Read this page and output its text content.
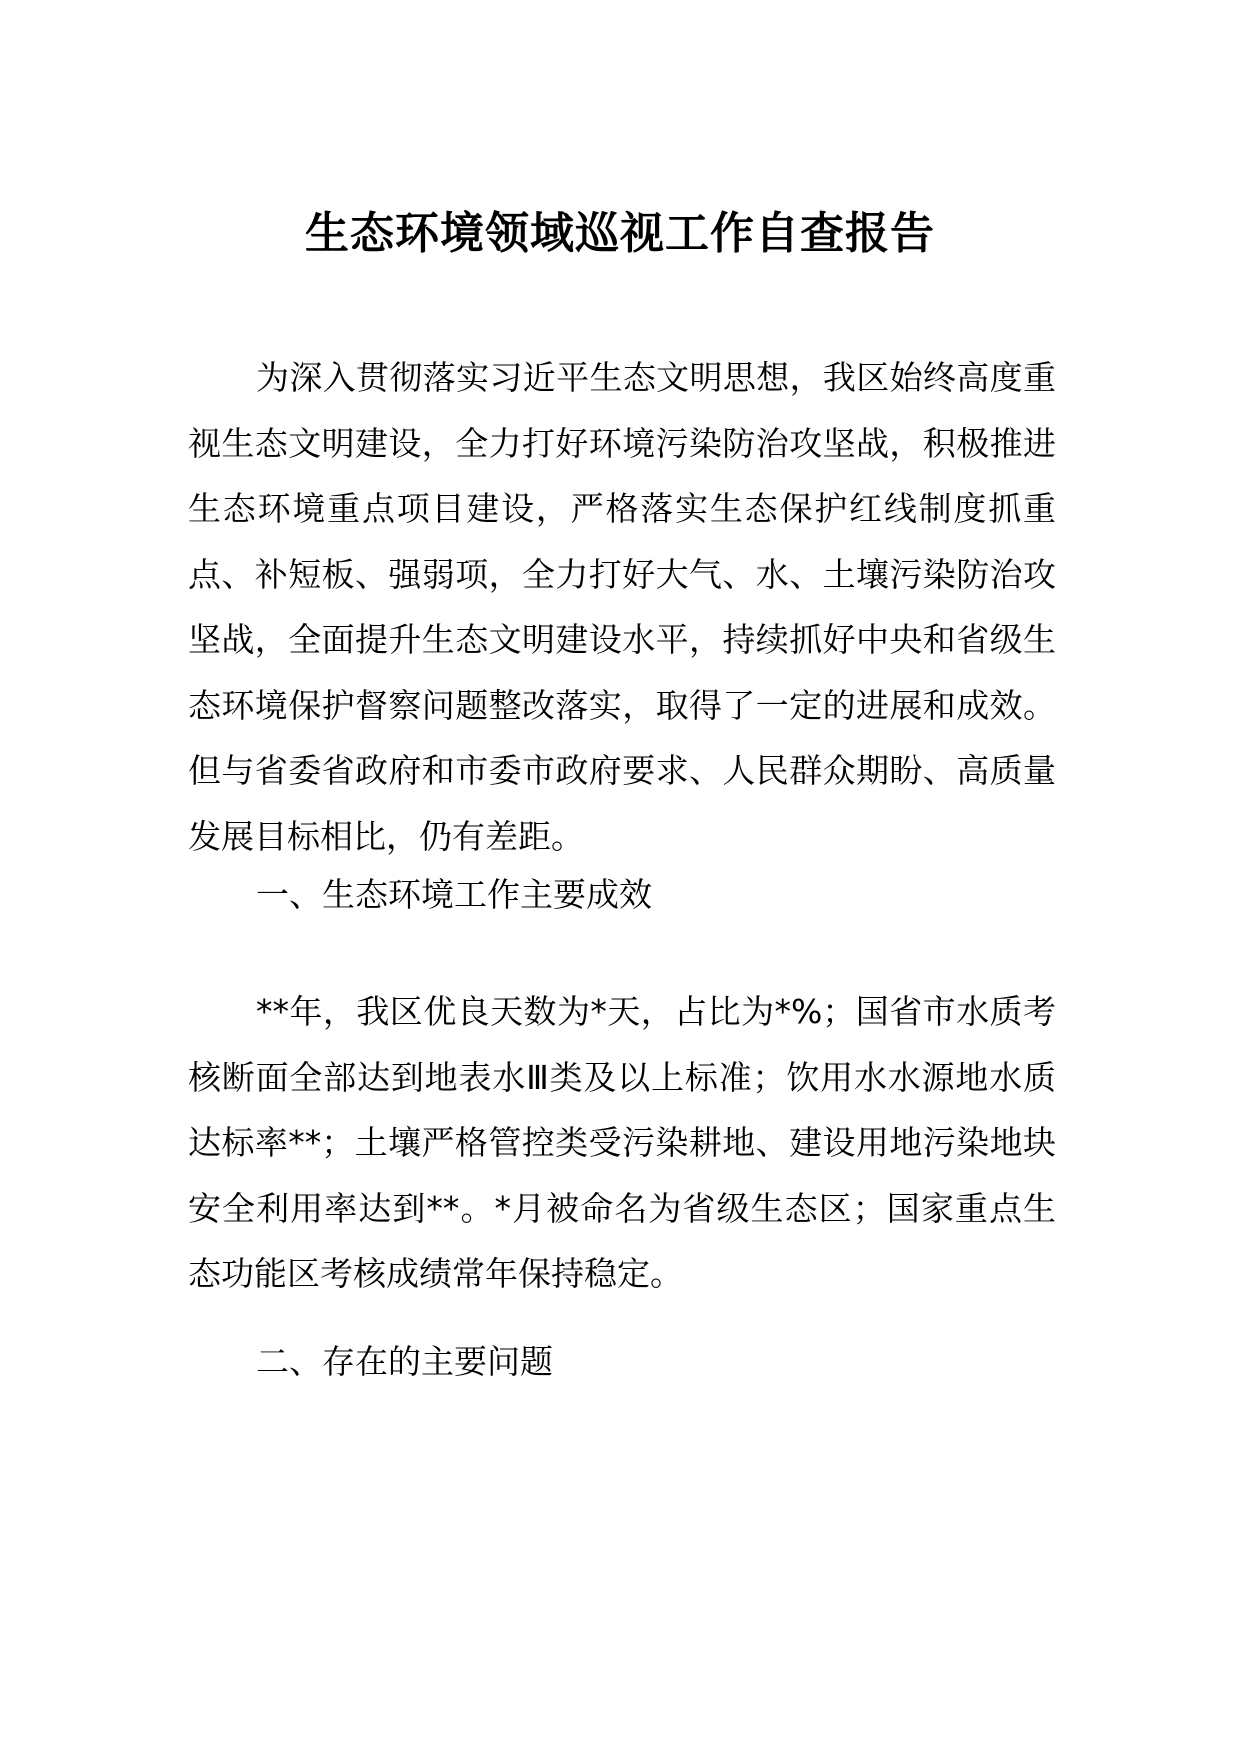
生态环境领域巡视工作自查报告
为深入贯彻落实习近平生态文明思想，我区始终高度重视生态文明建设，全力打好环境污染防治攻坚战，积极推进生态环境重点项目建设，严格落实生态保护红线制度抓重点、补短板、强弱项，全力打好大气、水、土壤污染防治攻坚战，全面提升生态文明建设水平，持续抓好中央和省级生态环境保护督察问题整改落实，取得了一定的进展和成效。但与省委省政府和市委市政府要求、人民群众期盼、高质量发展目标相比，仍有差距。
一、生态环境工作主要成效
**年，我区优良天数为*天，占比为*%；国省市水质考核断面全部达到地表水Ⅲ类及以上标准；饮用水水源地水质达标率**；土壤严格管控类受污染耕地、建设用地污染地块安全利用率达到**。*月被命名为省级生态区；国家重点生态功能区考核成绩常年保持稳定。
二、存在的主要问题
